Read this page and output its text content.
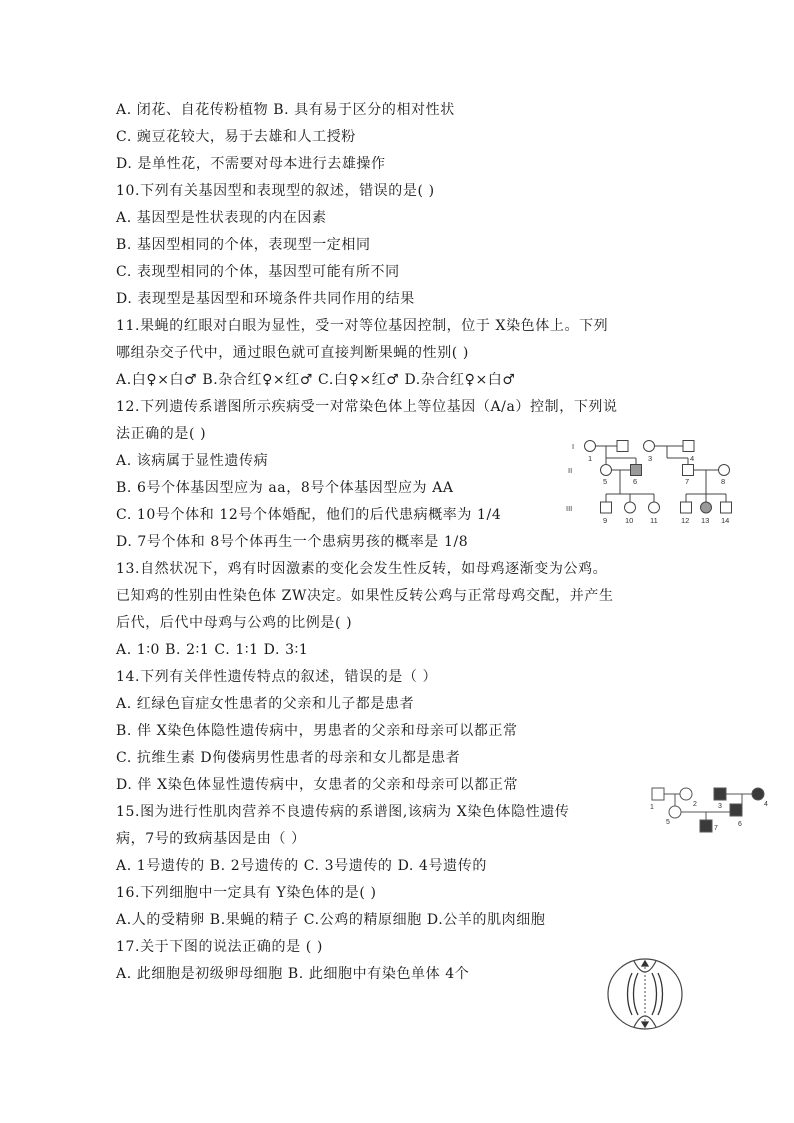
A. 闭花、自花传粉植物 B. 具有易于区分的相对性状
C. 豌豆花较大，易于去雄和人工授粉
D. 是单性花，不需要对母本进行去雄操作
10.下列有关基因型和表现型的叙述，错误的是( )
A. 基因型是性状表现的内在因素
B. 基因型相同的个体，表现型一定相同
C. 表现型相同的个体，基因型可能有所不同
D. 表现型是基因型和环境条件共同作用的结果
11.果蝇的红眼对白眼为显性，受一对等位基因控制，位于 X染色体上。下列
哪组杂交子代中，通过眼色就可直接判断果蝇的性别( )
A.白♀×白♂ B.杂合红♀×红♂ C.白♀×红♂ D.杂合红♀×白♂
12.下列遗传系谱图所示疾病受一对常染色体上等位基因（A/a）控制，下列说
法正确的是( )
A. 该病属于显性遗传病
B. 6号个体基因型应为 aa，8号个体基因型应为 AA
C. 10号个体和 12号个体婚配，他们的后代患病概率为 1/4
D. 7号个体和 8号个体再生一个患病男孩的概率是 1/8
13.自然状况下，鸡有时因激素的变化会发生性反转，如母鸡逐渐变为公鸡。
已知鸡的性别由性染色体 ZW决定。如果性反转公鸡与正常母鸡交配，并产生
后代，后代中母鸡与公鸡的比例是( )
A. 1∶0 B. 2∶1 C. 1∶1 D. 3∶1
14.下列有关伴性遗传特点的叙述，错误的是（ ）
A. 红绿色盲症女性患者的父亲和儿子都是患者
B. 伴 X染色体隐性遗传病中，男患者的父亲和母亲可以都正常
C. 抗维生素 D佝偻病男性患者的母亲和女儿都是患者
D. 伴 X染色体显性遗传病中，女患者的父亲和母亲可以都正常
15.图为进行性肌肉营养不良遗传病的系谱图,该病为 X染色体隐性遗传
病，7号的致病基因是由（ ）
A. 1号遗传的 B. 2号遗传的 C. 3号遗传的 D. 4号遗传的
16.下列细胞中一定具有 Y染色体的是( )
A.人的受精卵 B.果蝇的精子 C.公鸡的精原细胞 D.公羊的肌肉细胞
17.关于下图的说法正确的是 ( )
A. 此细胞是初级卵母细胞 B. 此细胞中有染色单体 4个
I
II
III
1	3	4
5	6	7	8
9 10 11	12 13 14
1	2	3	4
5	6
7
